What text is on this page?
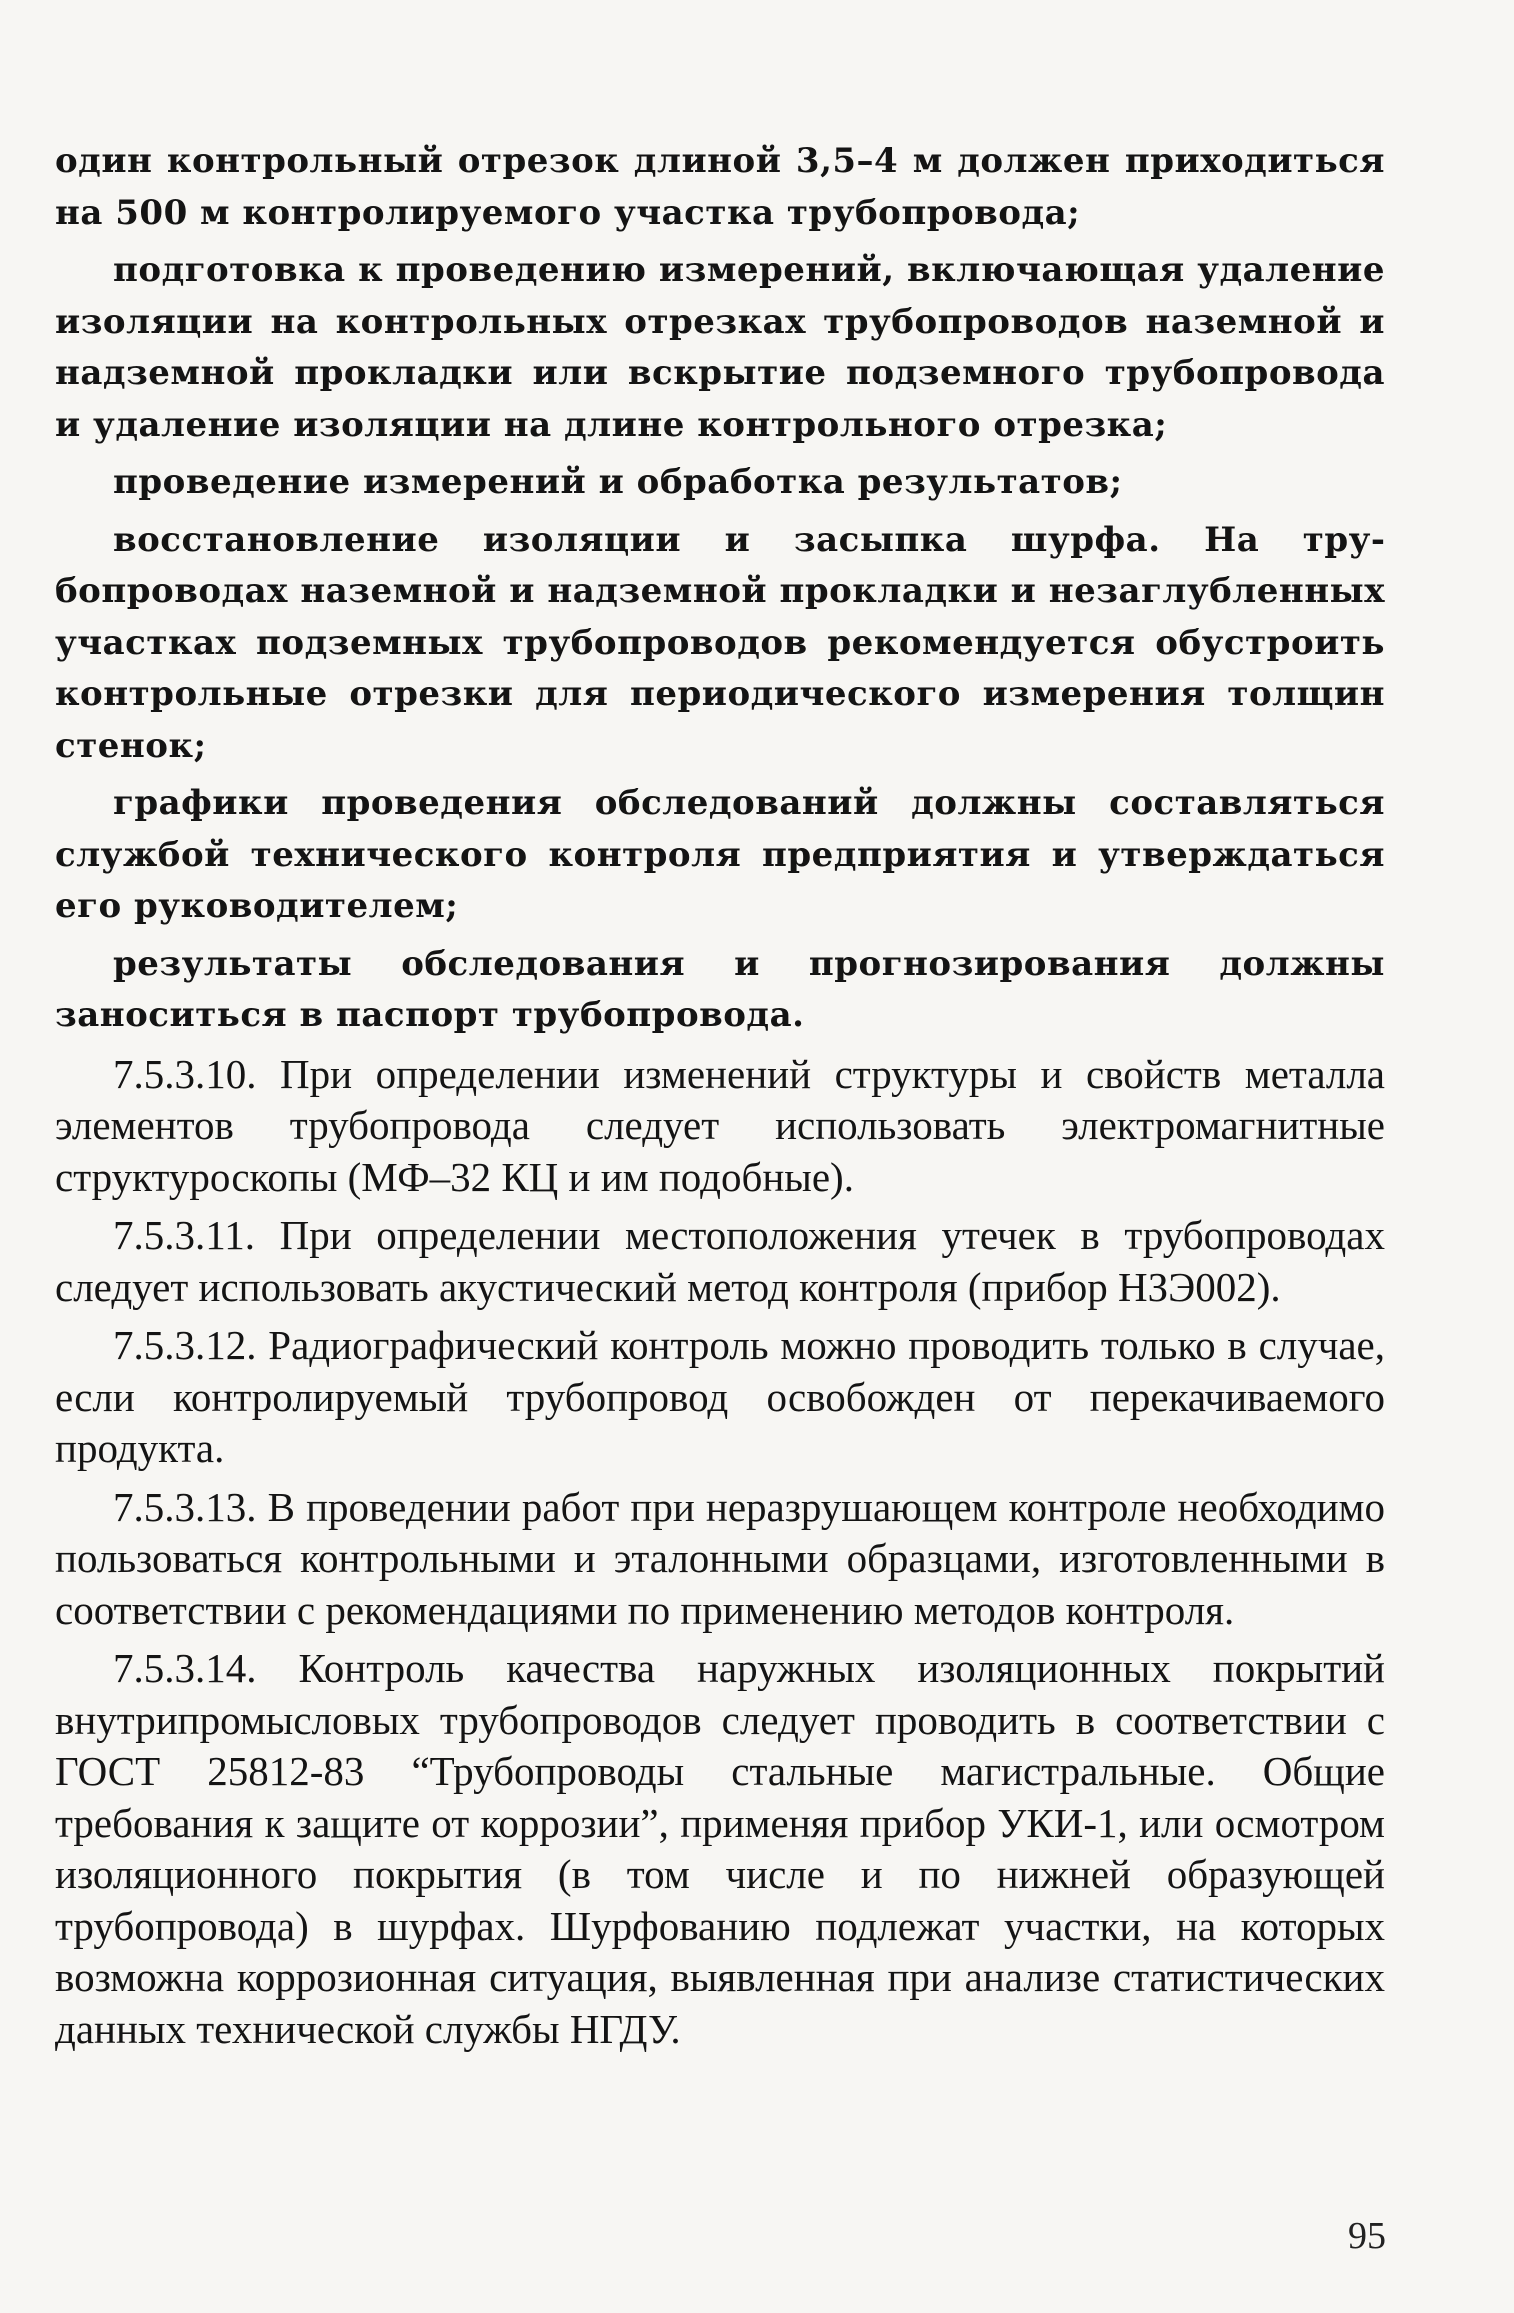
один контрольный отрезок длиной 3,5–4 м должен приходиться на 500 м контролируемого участка трубопровода;

подготовка к проведению измерений, включающая удаление изоляции на контрольных отрезках трубопроводов наземной и надземной прокладки или вскрытие подземного трубопровода и удаление изоляции на длине контрольного отрезка;

проведение измерений и обработка результатов;

восстановление изоляции и засыпка шурфа. На трубопроводах наземной и надземной прокладки и незаглубленных участках подземных трубопроводов рекомендуется обустроить контрольные отрезки для периодического измерения толщин стенок;

графики проведения обследований должны составляться службой технического контроля предприятия и утверждаться его руководителем;

результаты обследования и прогнозирования должны заноситься в паспорт трубопровода.

7.5.3.10. При определении изменений структуры и свойств металла элементов трубопровода следует использовать электромагнитные структуроскопы (МФ–32 КЦ и им подобные).

7.5.3.11. При определении местоположения утечек в трубопроводах следует использовать акустический метод контроля (прибор НЗЭ002).

7.5.3.12. Радиографический контроль можно проводить только в случае, если контролируемый трубопровод освобожден от перекачиваемого продукта.

7.5.3.13. В проведении работ при неразрушающем контроле необходимо пользоваться контрольными и эталонными образцами, изготовленными в соответствии с рекомендациями по применению методов контроля.

7.5.3.14. Контроль качества наружных изоляционных покрытий внутрипромысловых трубопроводов следует проводить в соответствии с ГОСТ 25812-83 “Трубопроводы стальные магистральные. Общие требования к защите от коррозии”, применяя прибор УКИ-1, или осмотром изоляционного покрытия (в том числе и по нижней образующей трубопровода) в шурфах. Шурфованию подлежат участки, на которых возможна коррозионная ситуация, выявленная при анализе статистических данных технической службы НГДУ.

95
